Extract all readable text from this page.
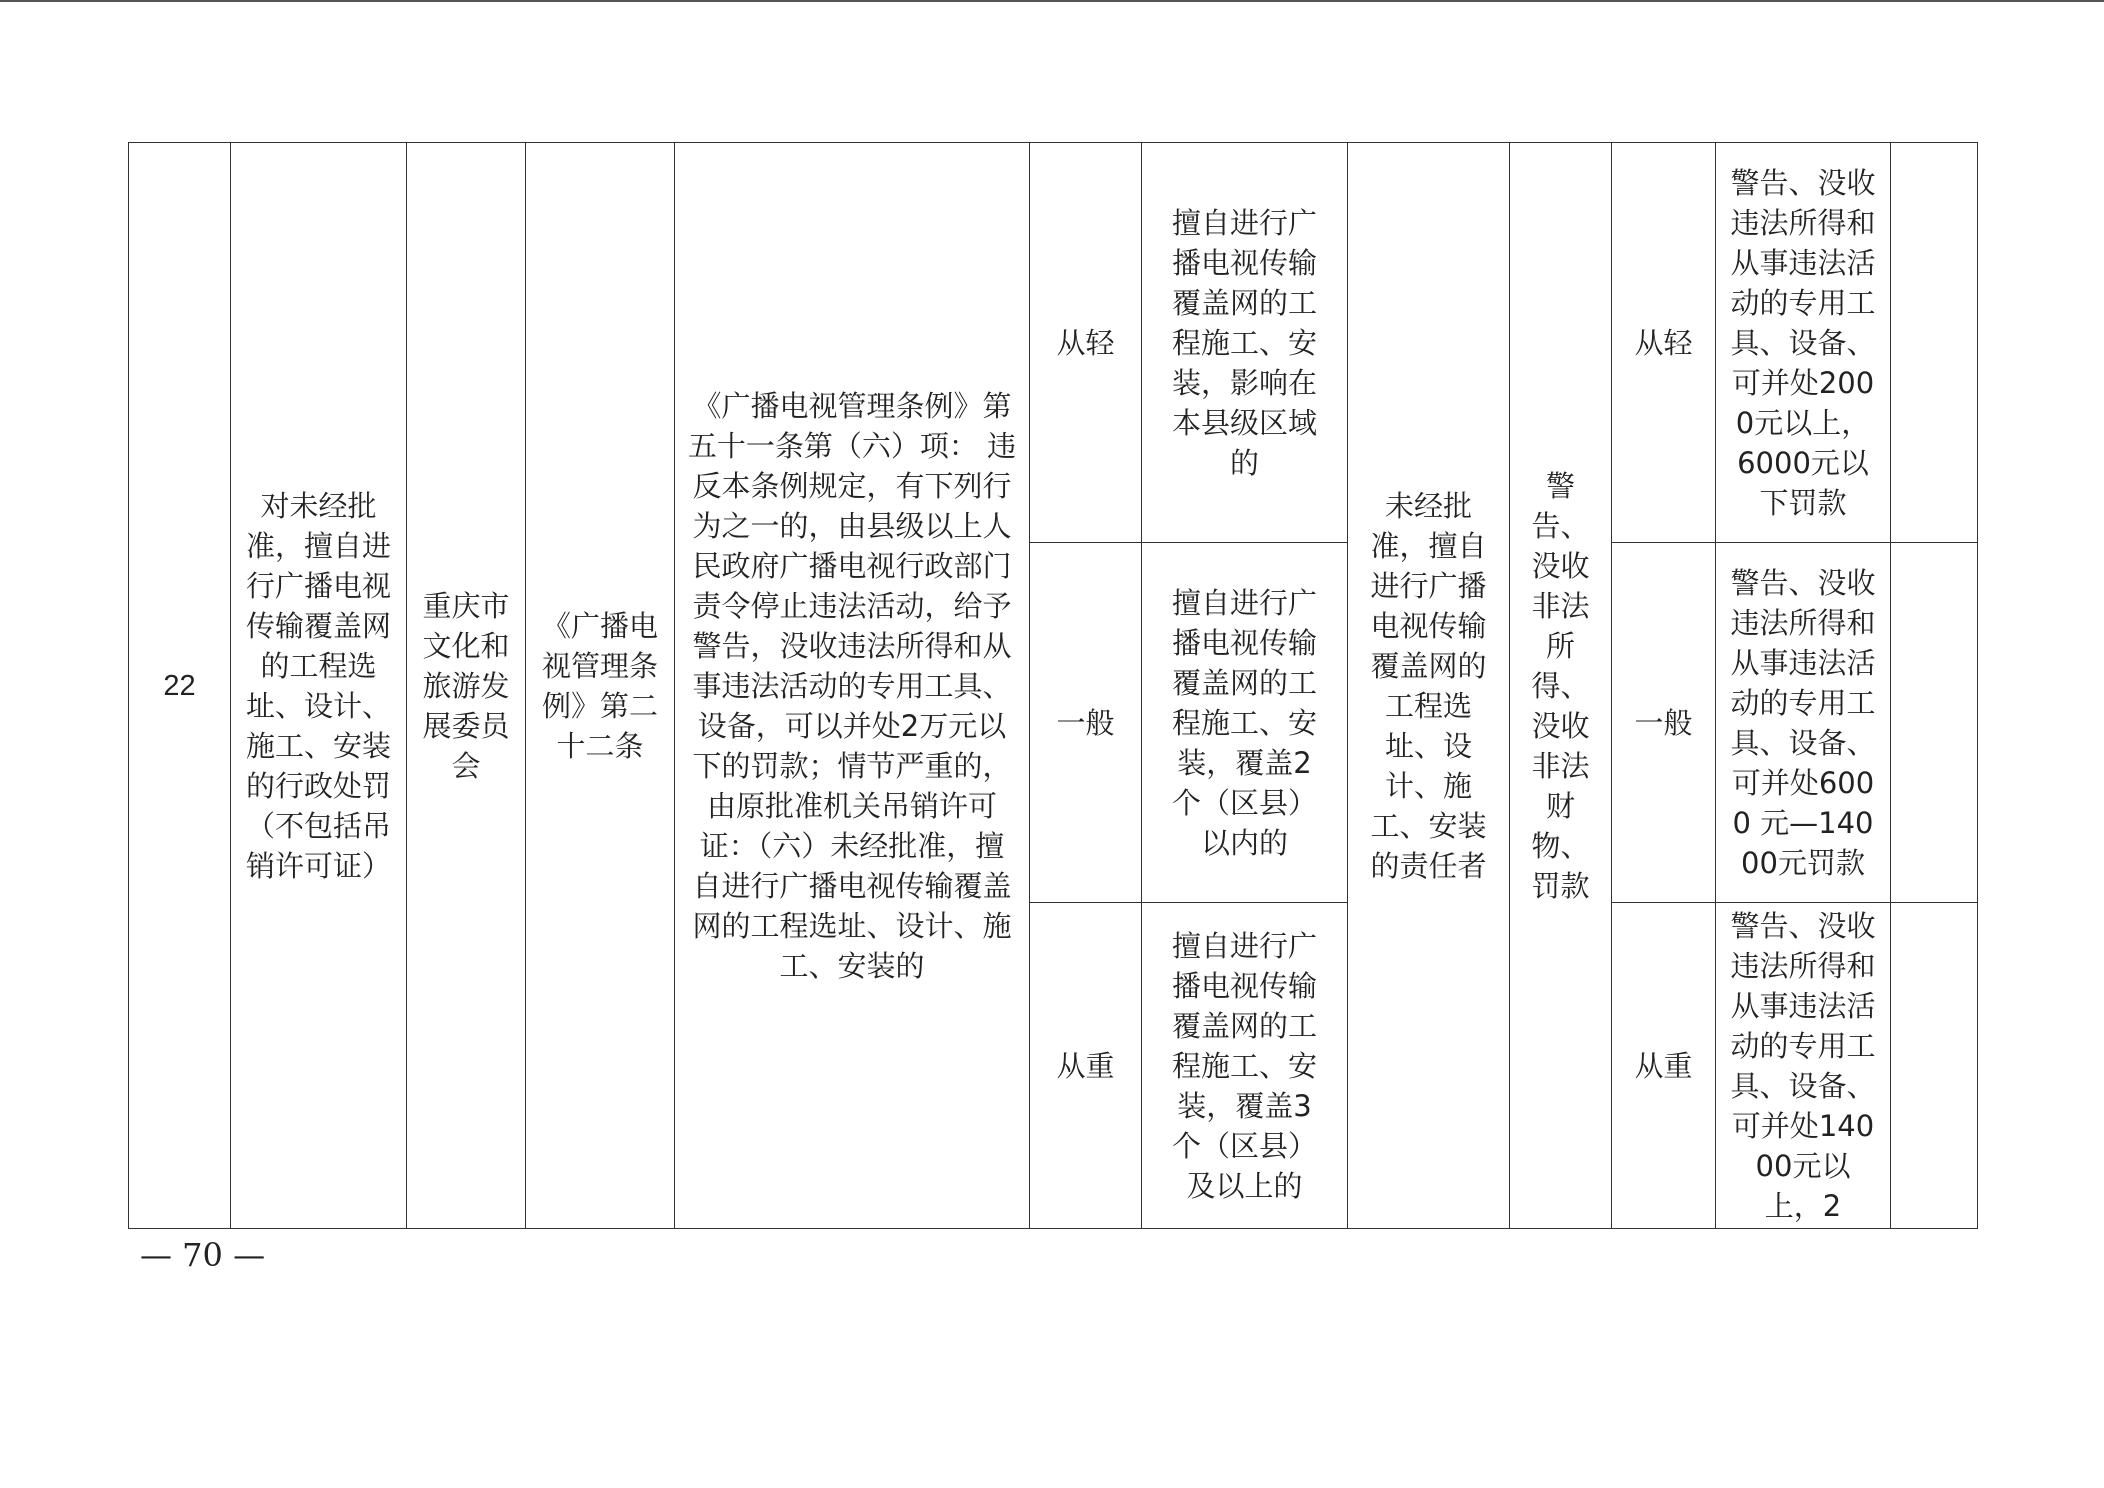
22	对未经批准，擅自进行广播电视传输覆盖网的工程选址、设计、施工、安装的行政处罚（不包括吊销许可证）	重庆市文化和旅游发展委员会	《广播电视管理条例》第二十二条	《广播电视管理条例》第五十一条第（六）项： 违反本条例规定，有下列行为之一的，由县级以上人民政府广播电视行政部门责令停止违法活动，给予警告，没收违法所得和从事违法活动的专用工具、设备，可以并处2万元以下的罚款；情节严重的，由原批准机关吊销许可证：（六）未经批准，擅自进行广播电视传输覆盖网的工程选址、设计、施工、安装的	从轻	擅自进行广播电视传输覆盖网的工程施工、安装，影响在本县级区域的	未经批准，擅自进行广播电视传输覆盖网的工程选址、设计、施工、安装的责任者	警告、没收非法所得、没收非法财物、罚款	从轻	警告、没收违法所得和从事违法活动的专用工具、设备、可并处2000元以上，6000元以下罚款	
					一般	擅自进行广播电视传输覆盖网的工程施工、安装，覆盖2个（区县）以内的			一般	警告、没收违法所得和从事违法活动的专用工具、设备、可并处6000 元—14000元罚款	
					从重	擅自进行广播电视传输覆盖网的工程施工、安装，覆盖3个（区县）及以上的			从重	警告、没收违法所得和从事违法活动的专用工具、设备、可并处14000元以上，2	
— 70 —
